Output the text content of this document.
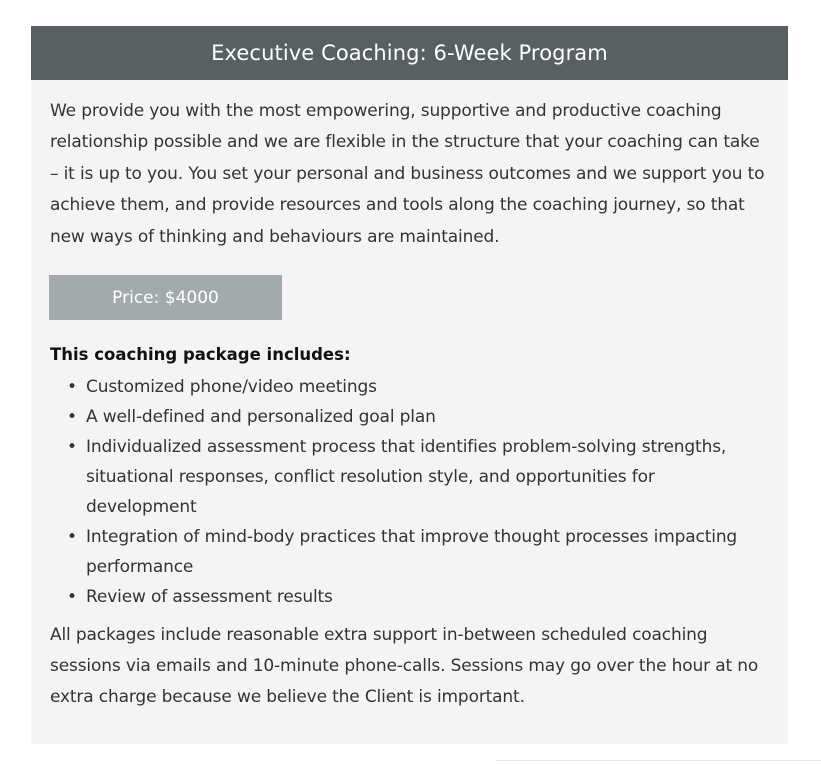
Executive Coaching: 6-Week Program

We provide you with the most empowering, supportive and productive coaching relationship possible and we are flexible in the structure that your coaching can take – it is up to you. You set your personal and business outcomes and we support you to achieve them, and provide resources and tools along the coaching journey, so that new ways of thinking and behaviours are maintained.

Price: $4000
This coaching package includes:
• Customized phone/video meetings
• A well-defined and personalized goal plan
• Individualized assessment process that identifies problem-solving strengths, situational responses, conflict resolution style, and opportunities for development
• Integration of mind-body practices that improve thought processes impacting performance
• Review of assessment results

All packages include reasonable extra support in-between scheduled coaching sessions via emails and 10-minute phone-calls. Sessions may go over the hour at no extra charge because we believe the Client is important.
